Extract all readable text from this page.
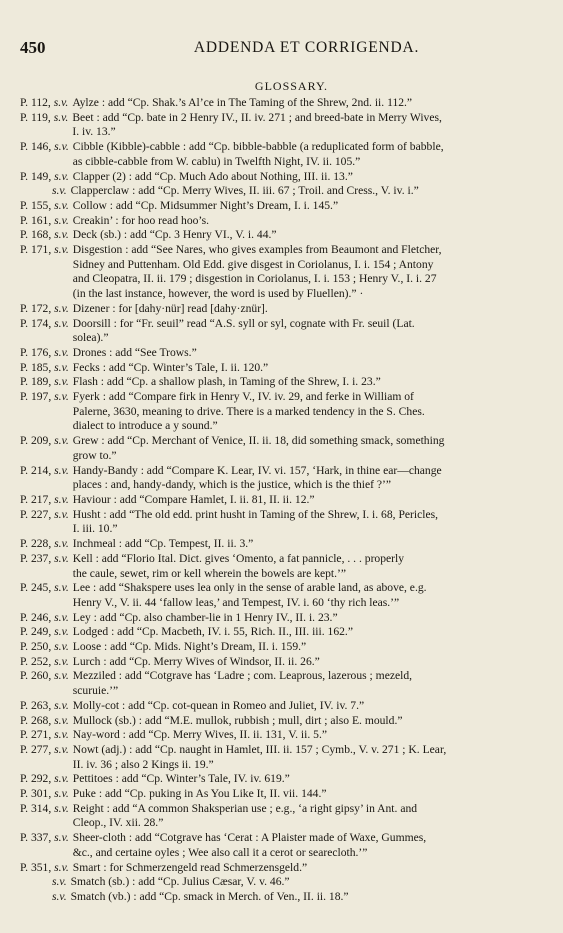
450	ADDENDA ET CORRIGENDA.
GLOSSARY.
P. 112, s.v. Aylze : add “Cp. Shak.’s Al’ce in The Taming of the Shrew, 2nd. ii. 112.”
P. 119, s.v. Beet : add “Cp. bate in 2 Henry IV., II. iv. 271 ; and breed-bate in Merry Wives,
I. iv. 13.”
P. 146, s.v. Cibble (Kibble)-cabble : add “Cp. bibble-babble (a reduplicated form of babble,
as cibble-cabble from W. cablu) in Twelfth Night, IV. ii. 105.”
P. 149, s.v. Clapper (2) : add “Cp. Much Ado about Nothing, III. ii. 13.”
s.v. Clapperclaw : add “Cp. Merry Wives, II. iii. 67 ; Troil. and Cress., V. iv. i.”
P. 155, s.v. Collow : add “Cp. Midsummer Night’s Dream, I. i. 145.”
P. 161, s.v. Creakin’ : for hoo read hoo’s.
P. 168, s.v. Deck (sb.) : add “Cp. 3 Henry VI., V. i. 44.”
P. 171, s.v. Disgestion : add “See Nares, who gives examples from Beaumont and Fletcher,
Sidney and Puttenham. Old Edd. give disgest in Coriolanus, I. i. 154 ; Antony
and Cleopatra, II. ii. 179 ; disgestion in Coriolanus, I. i. 153 ; Henry V., I. i. 27
(in the last instance, however, the word is used by Fluellen).” ·
P. 172, s.v. Dizener : for [dahy·nür] read [dahy·znür].
P. 174, s.v. Doorsill : for “Fr. seuil” read “A.S. syll or syl, cognate with Fr. seuil (Lat.
solea).”
P. 176, s.v. Drones : add “See Trows.”
P. 185, s.v. Fecks : add “Cp. Winter’s Tale, I. ii. 120.”
P. 189, s.v. Flash : add “Cp. a shallow plash, in Taming of the Shrew, I. i. 23.”
P. 197, s.v. Fyerk : add “Compare firk in Henry V., IV. iv. 29, and ferke in William of
Palerne, 3630, meaning to drive. There is a marked tendency in the S. Ches.
dialect to introduce a y sound.”
P. 209, s.v. Grew : add “Cp. Merchant of Venice, II. ii. 18, did something smack, something
grow to.”
P. 214, s.v. Handy-Bandy : add “Compare K. Lear, IV. vi. 157, ‘Hark, in thine ear—change
places : and, handy-dandy, which is the justice, which is the thief ?’”
P. 217, s.v. Haviour : add “Compare Hamlet, I. ii. 81, II. ii. 12.”
P. 227, s.v. Husht : add “The old edd. print husht in Taming of the Shrew, I. i. 68, Pericles,
I. iii. 10.”
P. 228, s.v. Inchmeal : add “Cp. Tempest, II. ii. 3.”
P. 237, s.v. Kell : add “Florio Ital. Dict. gives ‘Omento, a fat pannicle, . . . properly
the caule, sewet, rim or kell wherein the bowels are kept.’”
P. 245, s.v. Lee : add “Shakspere uses lea only in the sense of arable land, as above, e.g.
Henry V., V. ii. 44 ‘fallow leas,’ and Tempest, IV. i. 60 ‘thy rich leas.’”
P. 246, s.v. Ley : add “Cp. also chamber-lie in 1 Henry IV., II. i. 23.”
P. 249, s.v. Lodged : add “Cp. Macbeth, IV. i. 55, Rich. II., III. iii. 162.”
P. 250, s.v. Loose : add “Cp. Mids. Night’s Dream, II. i. 159.”
P. 252, s.v. Lurch : add “Cp. Merry Wives of Windsor, II. ii. 26.”
P. 260, s.v. Mezziled : add “Cotgrave has ‘Ladre ; com. Leaprous, lazerous ; mezeld,
scuruie.’”
P. 263, s.v. Molly-cot : add “Cp. cot-quean in Romeo and Juliet, IV. iv. 7.”
P. 268, s.v. Mullock (sb.) : add “M.E. mullok, rubbish ; mull, dirt ; also E. mould.”
P. 271, s.v. Nay-word : add “Cp. Merry Wives, II. ii. 131, V. ii. 5.”
P. 277, s.v. Nowt (adj.) : add “Cp. naught in Hamlet, III. ii. 157 ; Cymb., V. v. 271 ; K. Lear,
II. iv. 36 ; also 2 Kings ii. 19.”
P. 292, s.v. Pettitoes : add “Cp. Winter’s Tale, IV. iv. 619.”
P. 301, s.v. Puke : add “Cp. puking in As You Like It, II. vii. 144.”
P. 314, s.v. Reight : add “A common Shaksperian use ; e.g., ‘a right gipsy’ in Ant. and
Cleop., IV. xii. 28.”
P. 337, s.v. Sheer-cloth : add “Cotgrave has ‘Cerat : A Plaister made of Waxe, Gummes,
&c., and certaine oyles ; Wee also call it a cerot or searecloth.’”
P. 351, s.v. Smart : for Schmerzengeld read Schmerzensgeld.”
s.v. Smatch (sb.) : add “Cp. Julius Cæsar, V. v. 46.”
s.v. Smatch (vb.) : add “Cp. smack in Merch. of Ven., II. ii. 18.”
